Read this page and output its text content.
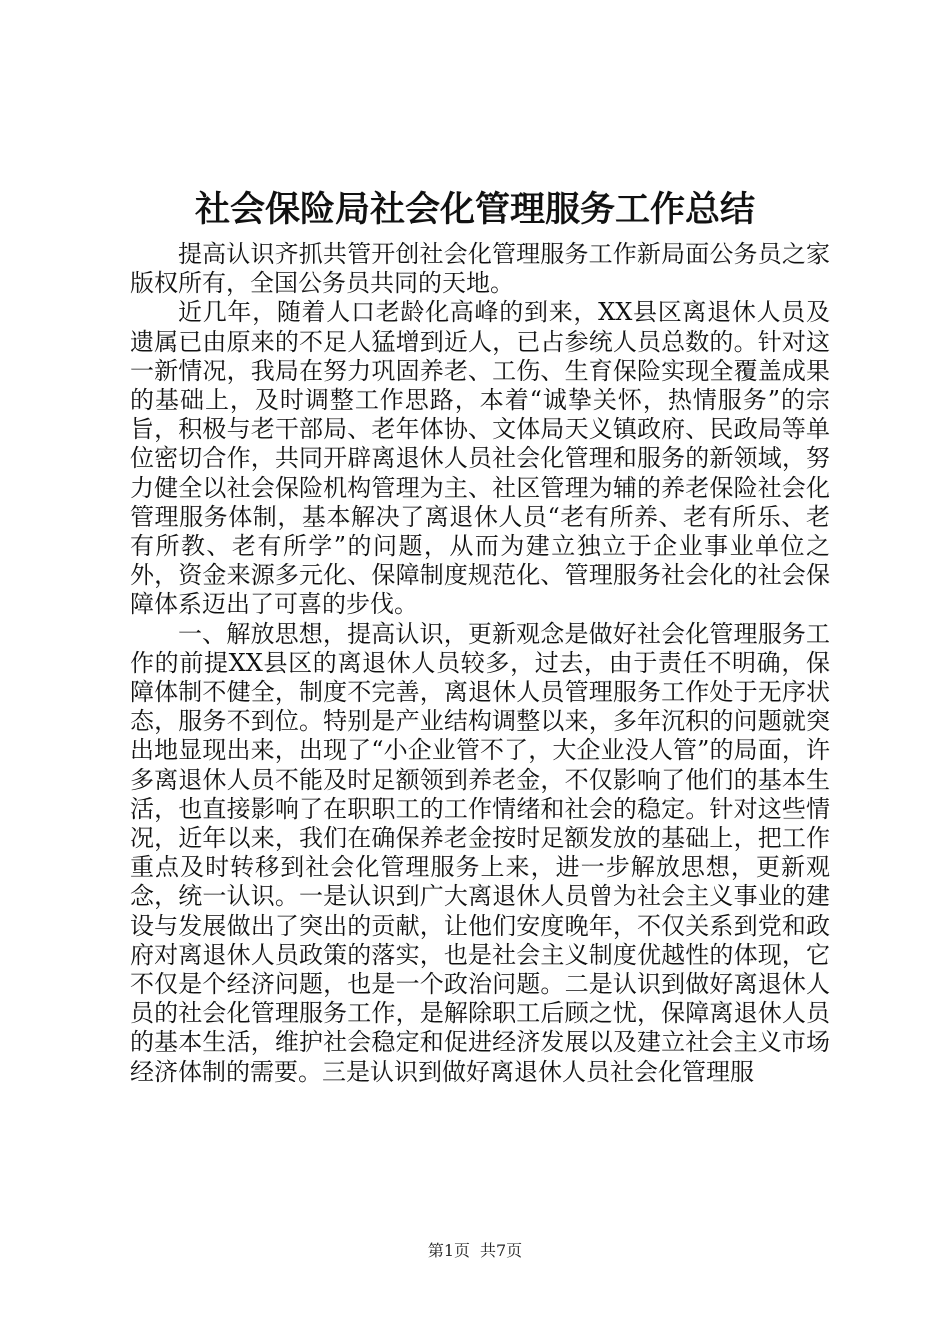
社会保险局社会化管理服务工作总结

提高认识齐抓共管开创社会化管理服务工作新局面公务员之家版权所有，全国公务员共同的天地。

近几年，随着人口老龄化高峰的到来，XX县区离退休人员及遗属已由原来的不足人猛增到近人，已占参统人员总数的。针对这一新情况，我局在努力巩固养老、工伤、生育保险实现全覆盖成果的基础上，及时调整工作思路，本着“诚挚关怀，热情服务”的宗旨，积极与老干部局、老年体协、文体局天义镇政府、民政局等单位密切合作，共同开辟离退休人员社会化管理和服务的新领域，努力健全以社会保险机构管理为主、社区管理为辅的养老保险社会化管理服务体制，基本解决了离退休人员“老有所养、老有所乐、老有所教、老有所学”的问题，从而为建立独立于企业事业单位之外，资金来源多元化、保障制度规范化、管理服务社会化的社会保障体系迈出了可喜的步伐。

一、解放思想，提高认识，更新观念是做好社会化管理服务工作的前提XX县区的离退休人员较多，过去，由于责任不明确，保障体制不健全，制度不完善，离退休人员管理服务工作处于无序状态，服务不到位。特别是产业结构调整以来，多年沉积的问题就突出地显现出来，出现了“小企业管不了，大企业没人管”的局面，许多离退休人员不能及时足额领到养老金，不仅影响了他们的基本生活，也直接影响了在职职工的工作情绪和社会的稳定。针对这些情况，近年以来，我们在确保养老金按时足额发放的基础上，把工作重点及时转移到社会化管理服务上来，进一步解放思想，更新观念，统一认识。一是认识到广大离退休人员曾为社会主义事业的建设与发展做出了突出的贡献，让他们安度晚年，不仅关系到党和政府对离退休人员政策的落实，也是社会主义制度优越性的体现，它不仅是个经济问题，也是一个政治问题。二是认识到做好离退休人员的社会化管理服务工作，是解除职工后顾之忧，保障离退休人员的基本生活，维护社会稳定和促进经济发展以及建立社会主义市场经济体制的需要。三是认识到做好离退休人员社会化管理服

第1页 共7页
